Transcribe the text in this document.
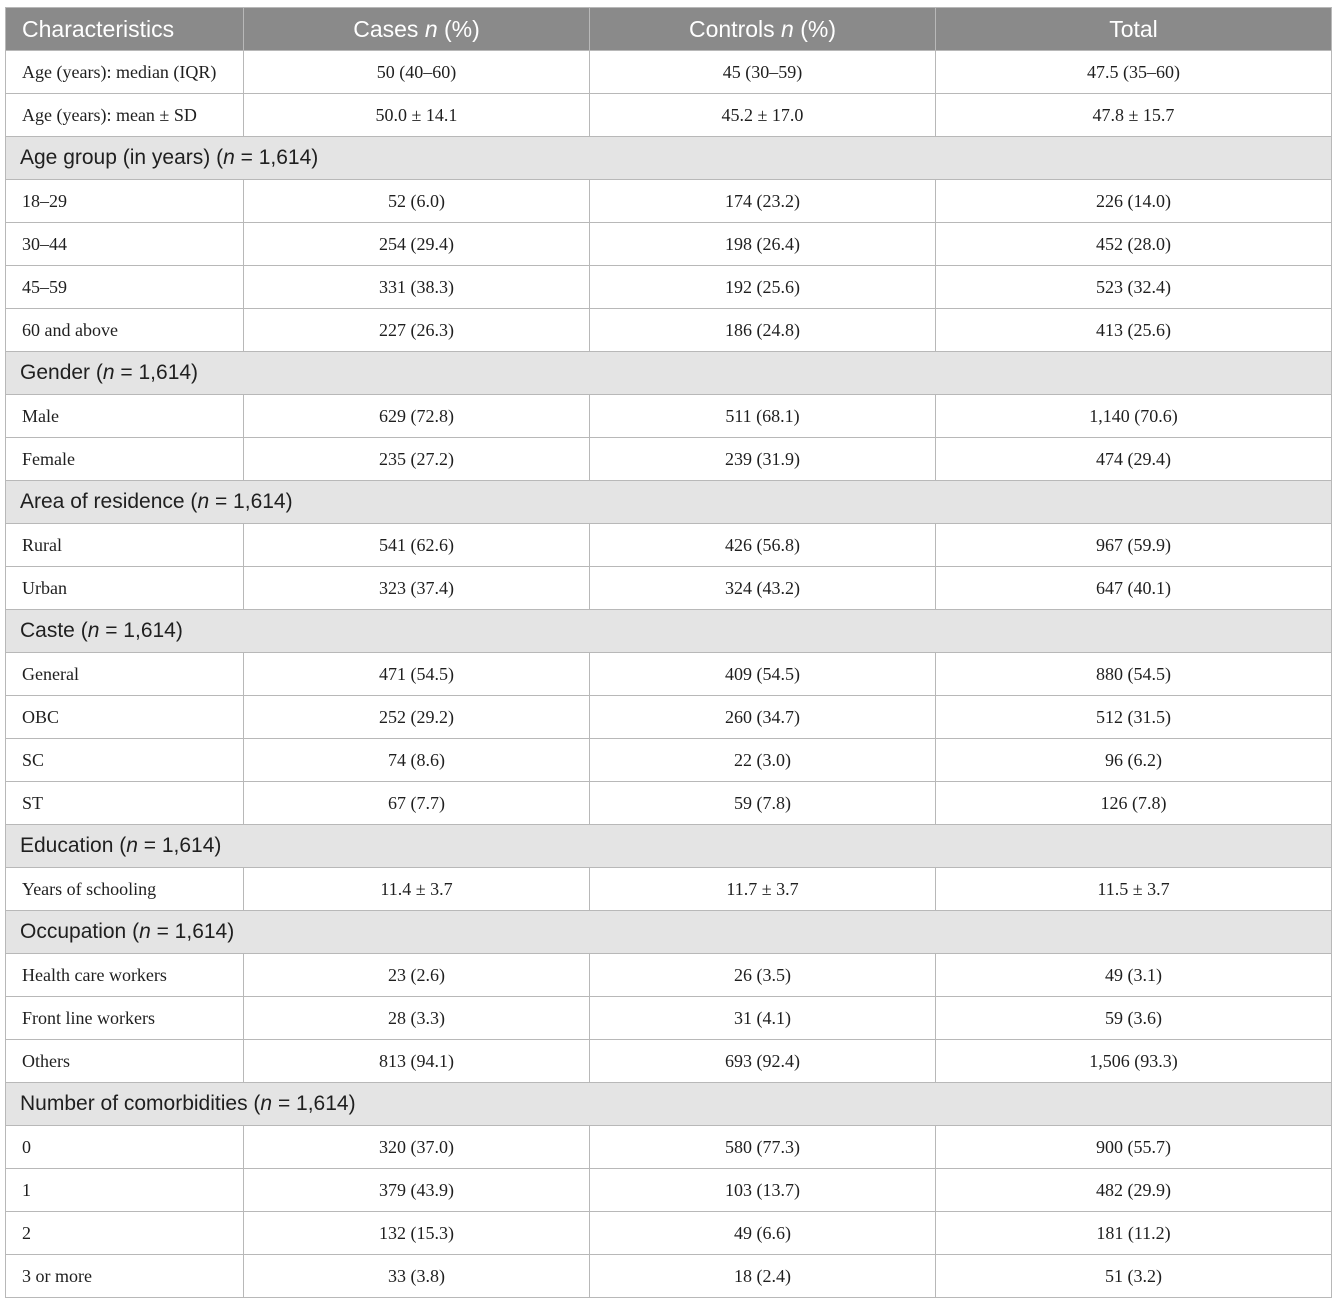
Characteristics	Cases n (%)	Controls n (%)	Total
Age (years): median (IQR)	50 (40–60)	45 (30–59)	47.5 (35–60)
Age (years): mean ± SD	50.0 ± 14.1	45.2 ± 17.0	47.8 ± 15.7
Age group (in years) (n = 1,614)			
18–29	52 (6.0)	174 (23.2)	226 (14.0)
30–44	254 (29.4)	198 (26.4)	452 (28.0)
45–59	331 (38.3)	192 (25.6)	523 (32.4)
60 and above	227 (26.3)	186 (24.8)	413 (25.6)
Gender (n = 1,614)			
Male	629 (72.8)	511 (68.1)	1,140 (70.6)
Female	235 (27.2)	239 (31.9)	474 (29.4)
Area of residence (n = 1,614)			
Rural	541 (62.6)	426 (56.8)	967 (59.9)
Urban	323 (37.4)	324 (43.2)	647 (40.1)
Caste (n = 1,614)			
General	471 (54.5)	409 (54.5)	880 (54.5)
OBC	252 (29.2)	260 (34.7)	512 (31.5)
SC	74 (8.6)	22 (3.0)	96 (6.2)
ST	67 (7.7)	59 (7.8)	126 (7.8)
Education (n = 1,614)			
Years of schooling	11.4 ± 3.7	11.7 ± 3.7	11.5 ± 3.7
Occupation (n = 1,614)			
Health care workers	23 (2.6)	26 (3.5)	49 (3.1)
Front line workers	28 (3.3)	31 (4.1)	59 (3.6)
Others	813 (94.1)	693 (92.4)	1,506 (93.3)
Number of comorbidities (n = 1,614)			
0	320 (37.0)	580 (77.3)	900 (55.7)
1	379 (43.9)	103 (13.7)	482 (29.9)
2	132 (15.3)	49 (6.6)	181 (11.2)
3 or more	33 (3.8)	18 (2.4)	51 (3.2)
